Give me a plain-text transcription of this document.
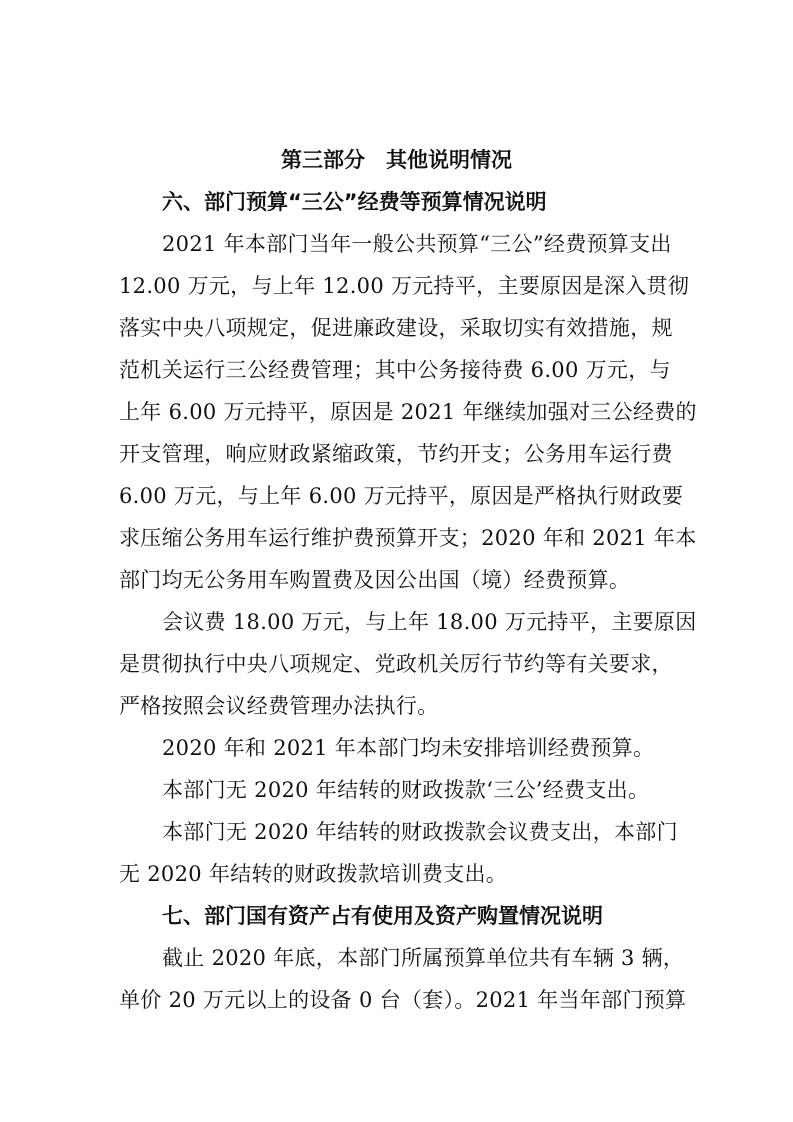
第三部分　其他说明情况
六、部门预算“三公”经费等预算情况说明
2021 年本部门当年一般公共预算“三公”经费预算支出
12.00 万元，与上年 12.00 万元持平，主要原因是深入贯彻
落实中央八项规定，促进廉政建设，采取切实有效措施，规
范机关运行三公经费管理；其中公务接待费 6.00 万元，与
上年 6.00 万元持平，原因是 2021 年继续加强对三公经费的
开支管理，响应财政紧缩政策，节约开支；公务用车运行费
6.00 万元，与上年 6.00 万元持平，原因是严格执行财政要
求压缩公务用车运行维护费预算开支；2020 年和 2021 年本
部门均无公务用车购置费及因公出国（境）经费预算。
会议费 18.00 万元，与上年 18.00 万元持平，主要原因
是贯彻执行中央八项规定、党政机关厉行节约等有关要求，
严格按照会议经费管理办法执行。
2020 年和 2021 年本部门均未安排培训经费预算。
本部门无 2020 年结转的财政拨款‘三公’经费支出。
本部门无 2020 年结转的财政拨款会议费支出，本部门
无 2020 年结转的财政拨款培训费支出。
七、部门国有资产占有使用及资产购置情况说明
截止 2020 年底，本部门所属预算单位共有车辆 3 辆，
单价 20 万元以上的设备 0 台（套）。2021 年当年部门预算
